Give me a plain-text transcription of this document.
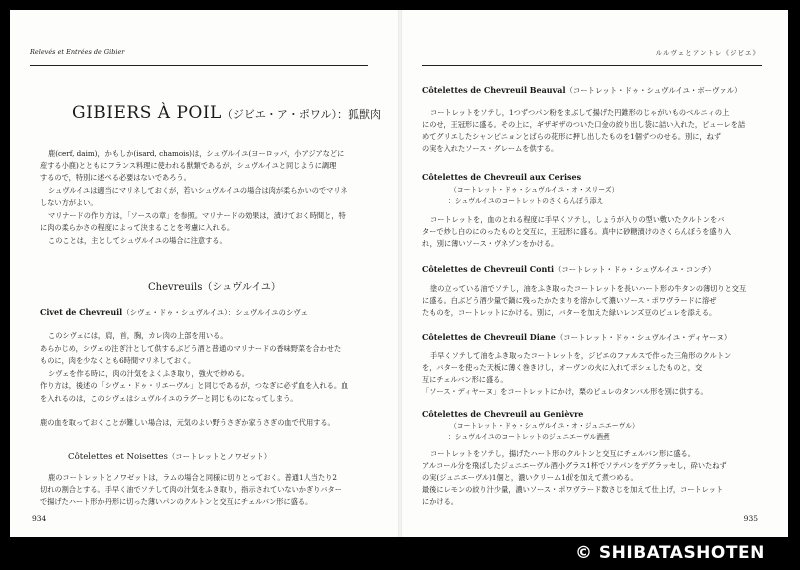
Relevés et Entrées de Gibier
GIBIERS À POIL（ジビエ・ア・ポワル）：狐獣肉
鹿(cerf, daim)，かもしか(isard, chamois)は，シュヴルイユ(ヨーロッパ，小アジアなどに
産する小鹿)とともにフランス料理に使われる獣類であるが，シュヴルイユと同じように調理
するので，特別に述べる必要はないであろう。
シュヴルイユは適当にマリネしておくが，若いシュヴルイユの場合は肉が柔らかいのでマリネ
しない方がよい。
マリナードの作り方は，「ソースの章」を参照。マリナードの効果は，漬けておく時間と，特
に肉の柔らかさの程度によって決まることを考慮に入れる。
このことは，主としてシュヴルイユの場合に注意する。
Chevreuils（シュヴルイユ）
Civet de Chevreuil（シヴェ・ドゥ・シュヴルイユ）：シュヴルイユのシヴェ
このシヴェには，肩，首，胸，カレ肉の上部を用いる。
あらかじめ，シヴェの注ぎ汁として供するぶどう酒と普通のマリナードの香味野菜を合わせた
ものに，肉を少なくとも6時間マリネしておく。
シヴェを作る時に，肉の汁気をよくふき取り，強火で炒める。
作り方は，後述の「シヴェ・ドゥ・リエーヴル」と同じであるが，つなぎに必ず血を入れる。血
を入れるのは，このシヴェはシュヴルイユのラグーと同じものになってしまう。
鹿の血を取っておくことが難しい場合は，元気のよい野うさぎか家うさぎの血で代用する。
Côtelettes et Noisettes（コートレットとノワゼット）
鹿のコートレットとノワゼットは，ラムの場合と同様に切りとっておく。普通1人当たり2
切れの割合とする。手早く油でソテして肉の汁気をふき取り，指示されていないかぎりバター
で揚げたハート形か丹形に切った薄いパンのクルトンと交互にチェルバン形に盛る。
934
ルルヴェとアントレ《ジビエ》
Côtelettes de Chevreuil Beauval（コートレット・ドゥ・シュヴルイユ・ボーヴァル）
コートレットをソテし，1つずつパン粉をまぶして揚げた円錐形のじゃがいものベルニィの上
にのせ，王冠形に盛る。その上に，ギザギザのついた口金の絞り出し袋に詰い入れた，ピューレを詰
めてグリエしたシャンピニョンとばらの花形に押し出したものを1個ずつのせる。別に，ねず
の実を入れたソース・グレームを供する。
Côtelettes de Chevreuil aux Cerises
（コートレット・ドゥ・シュヴルイユ・オ・スリーズ）
：シュヴルイユのコートレットのさくらんぼう添え
コートレットを，血のとれる程度に手早くソテし，しょうが入りの型い敷いたクルトンをバ
ターで炒し白のにのったものと交互に，王冠形に盛る。真中に砂糖漬けのさくらんぼうを盛り入
れ，別に薄いソース・ヴネゾンをかける。
Côtelettes de Chevreuil Conti（コートレット・ドゥ・シュヴルイユ・コンチ）
塗の立っている油でソテし，油をふき取ったコートレットを長いハート形の牛タンの薄切りと交互
に盛る。白ぶどう酒少量で鍋に残ったかたまりを溶かして濃いソース・ポワヴラードに溶ぜ
たものを，コートレットにかける。別に，バターを加えた緑いレンズ豆のピュレを添える。
Côtelettes de Chevreuil Diane（コートレット・ドゥ・シュヴルイユ・ディヤーヌ）
手早くソテして油をふき取ったコートレットを，ジビエのファルスで作った三角形のクルトン
を，バターを使った天板に薄く巻きけし，オーヴンの火に入れてポシェしたものと，交
互にチェルバン形に盛る。
「ソース・ディヤーヌ」をコートレットにかけ，栗のピュレのタンバル形を別に供する。
Côtelettes de Chevreuil au Genièvre
（コートレット・ドゥ・シュヴルイユ・オ・ジュニエーヴル）
：シュヴルイユのコートレットのジュニエーヴル酒煮
コートレットをソテし，揚げたハート形のクルトンと交互にチェルバン形に盛る。
アルコール分を飛ばしたジュニエーヴル酒小グラス1杯でソテパンをデグラッセし，砕いたねず
の実(ジュニエーヴル)1個と，濃いクリーム1㎗を加えて煮つめる。
最後にレモンの絞り汁少量，濃いソース・ポワヴラード数さじを加えて仕上げ，コートレット
にかける。
935
© SHIBATASHOTEN
